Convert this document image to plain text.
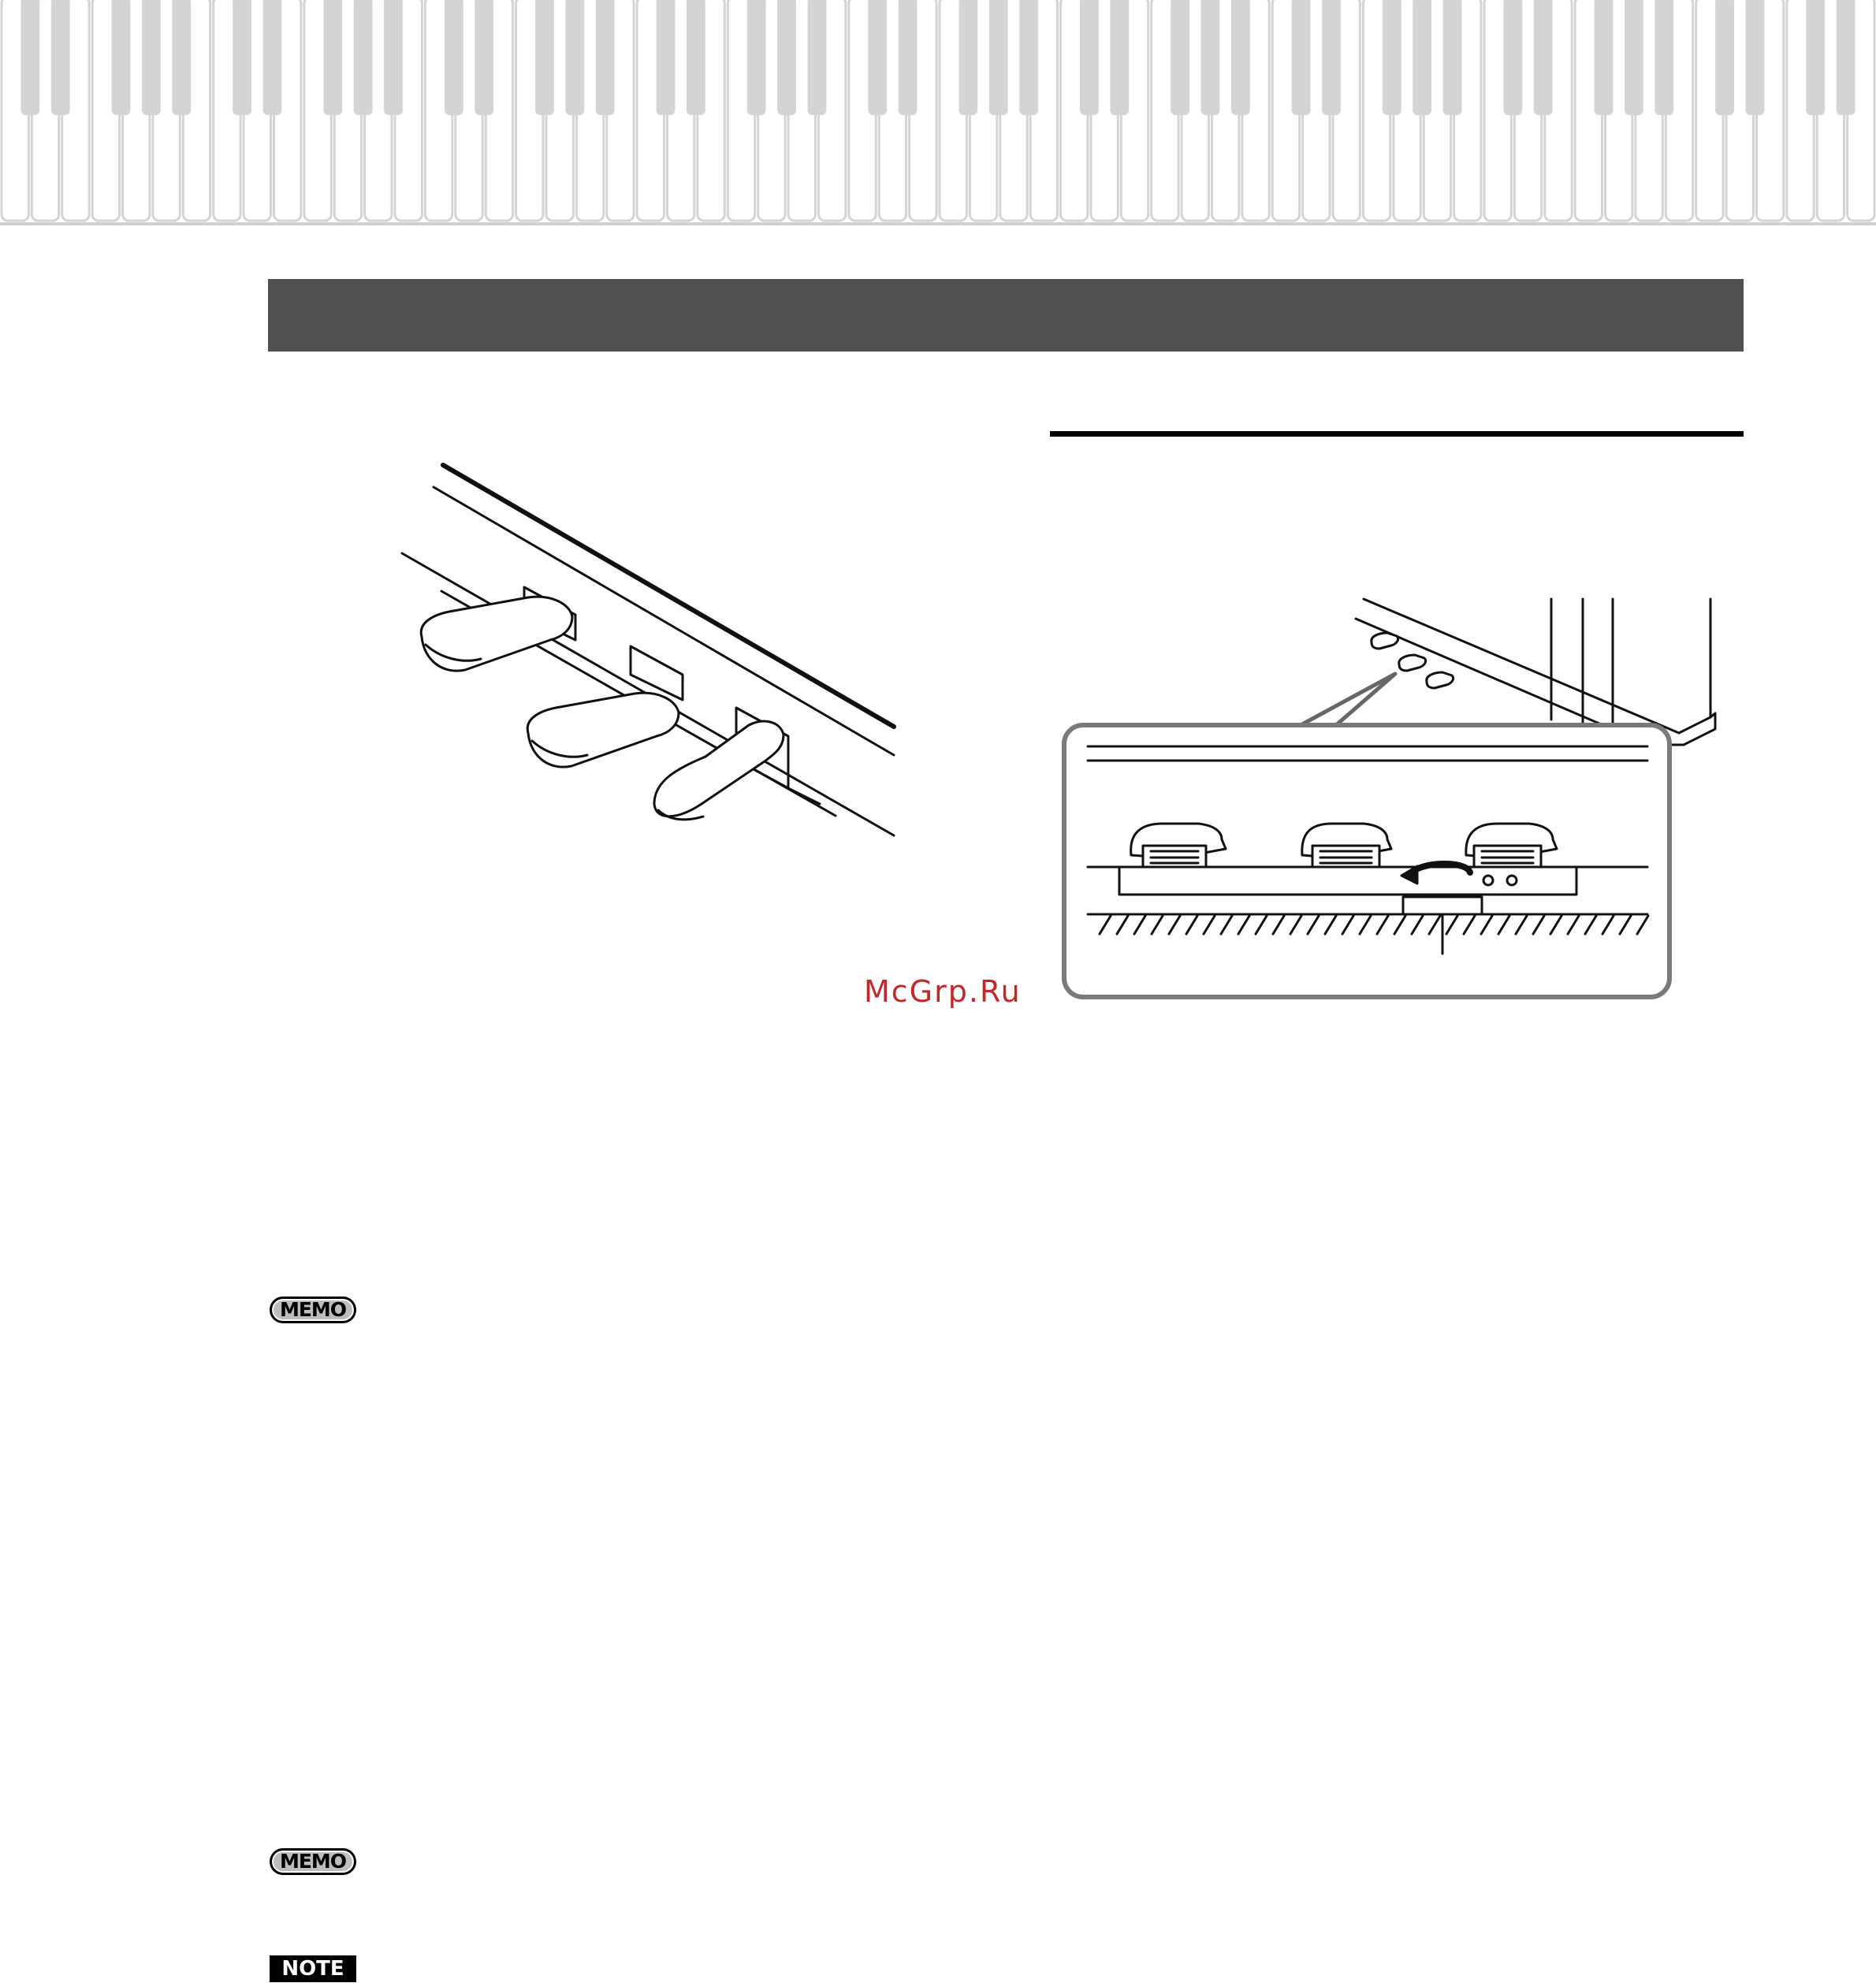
McGrp.Ru
MEMO
MEMO
NOTE
